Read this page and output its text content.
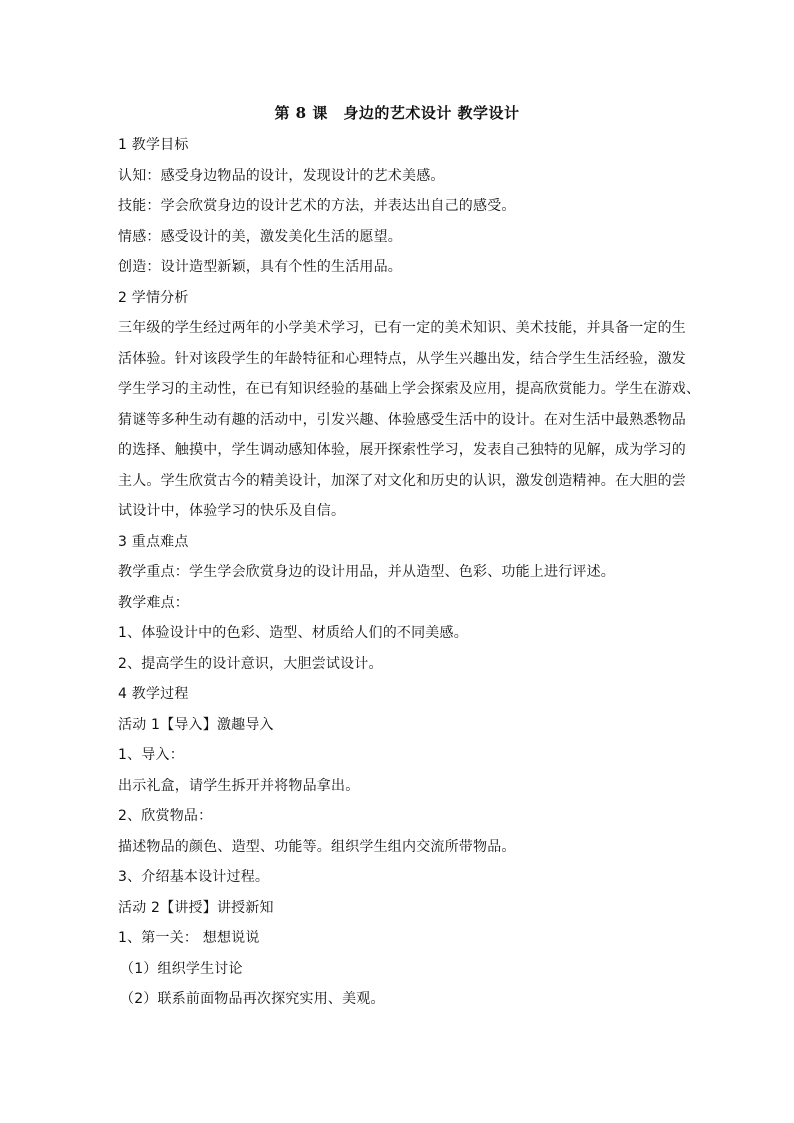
第 8 课　身边的艺术设计 教学设计
1 教学目标
认知：感受身边物品的设计，发现设计的艺术美感。
技能：学会欣赏身边的设计艺术的方法，并表达出自己的感受。
情感：感受设计的美，激发美化生活的愿望。
创造：设计造型新颖，具有个性的生活用品。
2 学情分析
三年级的学生经过两年的小学美术学习，已有一定的美术知识、美术技能，并具备一定的生
活体验。针对该段学生的年龄特征和心理特点，从学生兴趣出发，结合学生生活经验，激发
学生学习的主动性，在已有知识经验的基础上学会探索及应用，提高欣赏能力。学生在游戏、
猜谜等多种生动有趣的活动中，引发兴趣、体验感受生活中的设计。在对生活中最熟悉物品
的选择、触摸中，学生调动感知体验，展开探索性学习，发表自己独特的见解，成为学习的
主人。学生欣赏古今的精美设计，加深了对文化和历史的认识，激发创造精神。在大胆的尝
试设计中，体验学习的快乐及自信。
3 重点难点
教学重点：学生学会欣赏身边的设计用品，并从造型、色彩、功能上进行评述。
教学难点：
1、体验设计中的色彩、造型、材质给人们的不同美感。
2、提高学生的设计意识，大胆尝试设计。
4 教学过程
活动 1【导入】激趣导入
1、导入：
出示礼盒，请学生拆开并将物品拿出。
2、欣赏物品：
描述物品的颜色、造型、功能等。组织学生组内交流所带物品。
3、介绍基本设计过程。
活动 2【讲授】讲授新知
1、第一关： 想想说说
（1）组织学生讨论
（2）联系前面物品再次探究实用、美观。
